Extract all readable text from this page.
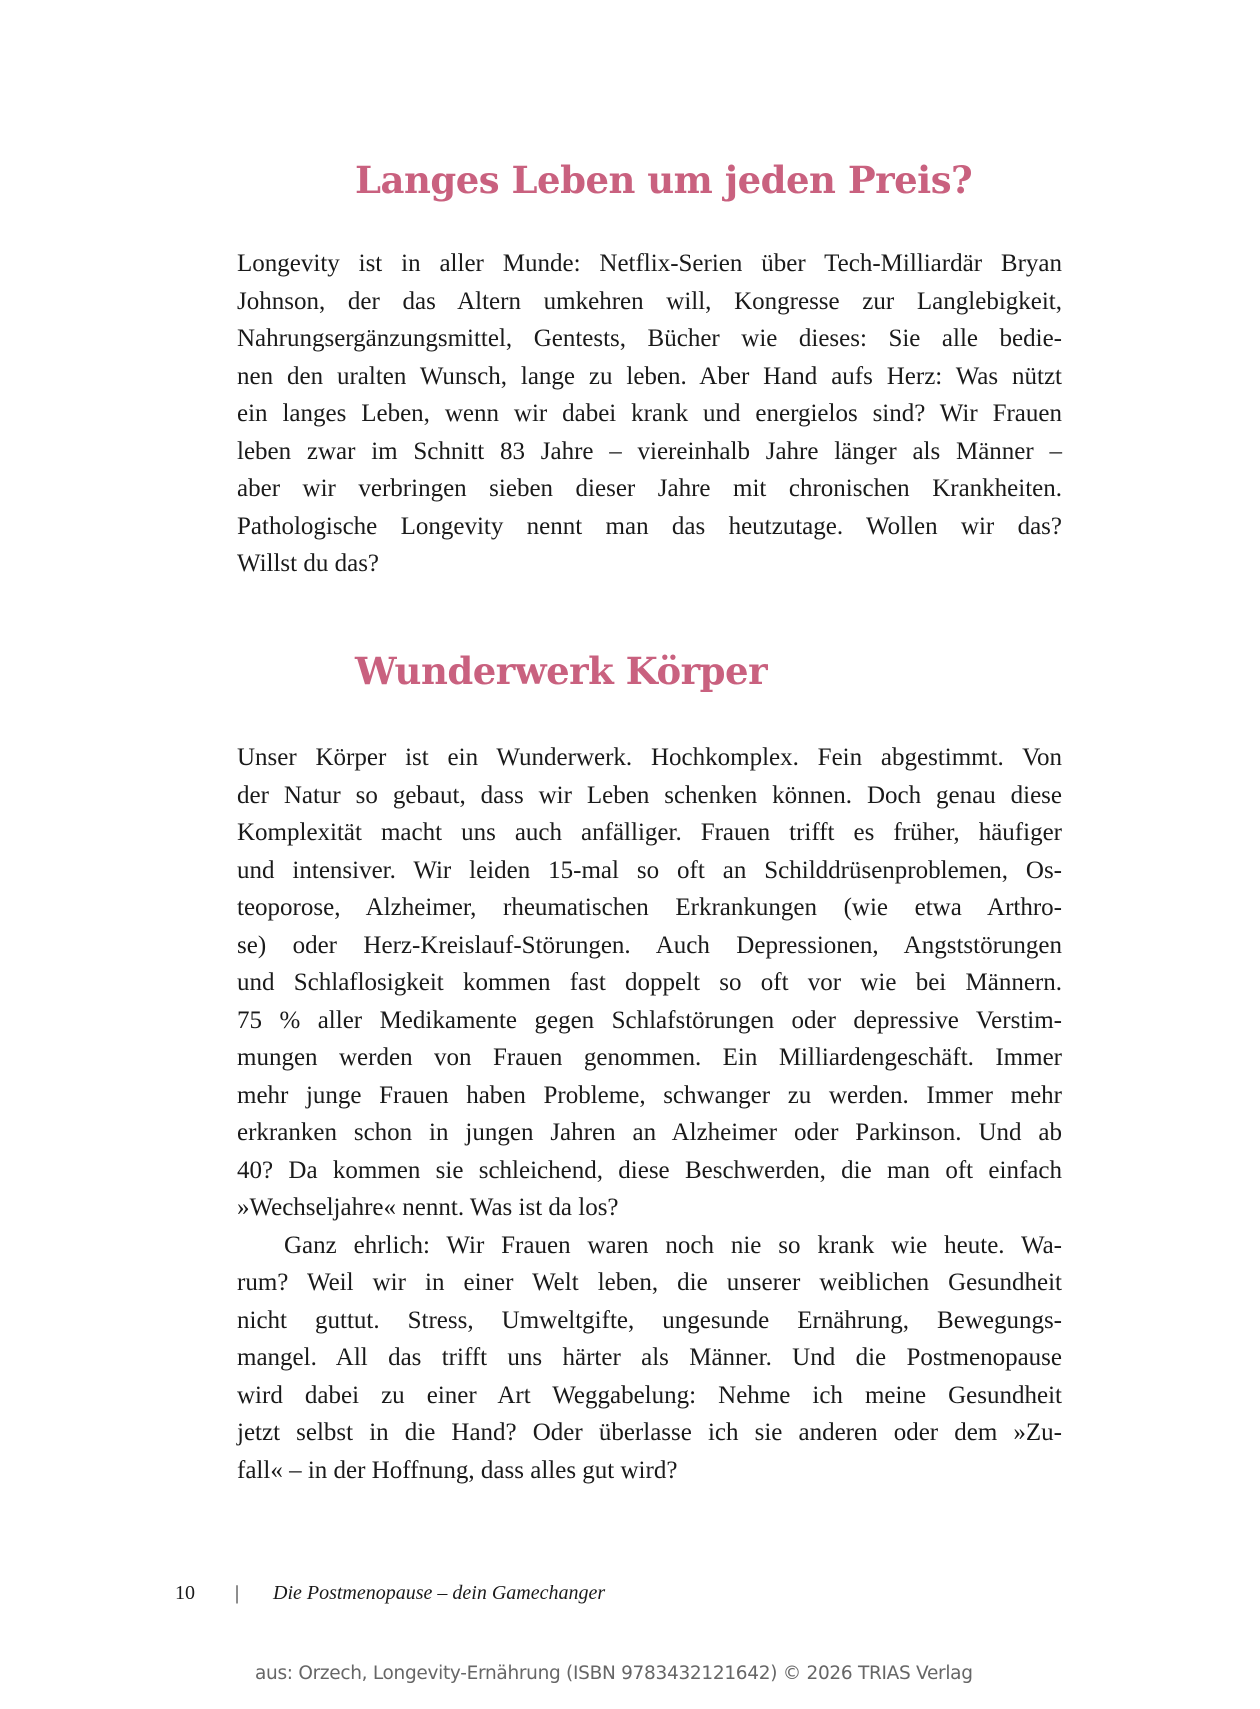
Langes Leben um jeden Preis?
Longevity ist in aller Munde: Netflix-Serien über Tech-Milliardär Bryan
Johnson, der das Altern umkehren will, Kongresse zur Langlebigkeit,
Nahrungsergänzungsmittel, Gentests, Bücher wie dieses: Sie alle bedie-
nen den uralten Wunsch, lange zu leben. Aber Hand aufs Herz: Was nützt
ein langes Leben, wenn wir dabei krank und energielos sind? Wir Frauen
leben zwar im Schnitt 83 Jahre – viereinhalb Jahre länger als Männer –
aber wir verbringen sieben dieser Jahre mit chronischen Krankheiten.
Pathologische Longevity nennt man das heutzutage. Wollen wir das?
Willst du das?
Wunderwerk Körper
Unser Körper ist ein Wunderwerk. Hochkomplex. Fein abgestimmt. Von
der Natur so gebaut, dass wir Leben schenken können. Doch genau diese
Komplexität macht uns auch anfälliger. Frauen trifft es früher, häufiger
und intensiver. Wir leiden 15-mal so oft an Schilddrüsenproblemen, Os-
teoporose, Alzheimer, rheumatischen Erkrankungen (wie etwa Arthro-
se) oder Herz-Kreislauf-Störungen. Auch Depressionen, Angststörungen
und Schlaflosigkeit kommen fast doppelt so oft vor wie bei Männern.
75 % aller Medikamente gegen Schlafstörungen oder depressive Verstim-
mungen werden von Frauen genommen. Ein Milliardengeschäft. Immer
mehr junge Frauen haben Probleme, schwanger zu werden. Immer mehr
erkranken schon in jungen Jahren an Alzheimer oder Parkinson. Und ab
40? Da kommen sie schleichend, diese Beschwerden, die man oft einfach
»Wechseljahre« nennt. Was ist da los?
Ganz ehrlich: Wir Frauen waren noch nie so krank wie heute. Wa-
rum? Weil wir in einer Welt leben, die unserer weiblichen Gesundheit
nicht guttut. Stress, Umweltgifte, ungesunde Ernährung, Bewegungs-
mangel. All das trifft uns härter als Männer. Und die Postmenopause
wird dabei zu einer Art Weggabelung: Nehme ich meine Gesundheit
jetzt selbst in die Hand? Oder überlasse ich sie anderen oder dem »Zu-
fall« – in der Hoffnung, dass alles gut wird?
10 | Die Postmenopause – dein Gamechanger
aus: Orzech, Longevity-Ernährung (ISBN 9783432121642) © 2026 TRIAS Verlag
